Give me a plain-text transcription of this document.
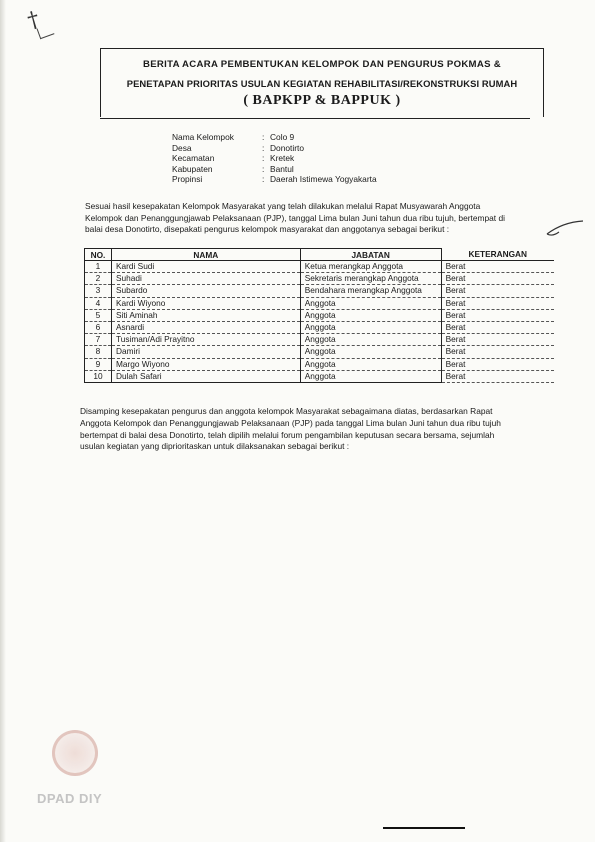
†
BERITA ACARA PEMBENTUKAN KELOMPOK DAN PENGURUS POKMAS &
PENETAPAN PRIORITAS USULAN KEGIATAN REHABILITASI/REKONSTRUKSI RUMAH
( BAPKPP & BAPPUK )
Nama Kelompok	: Colo 9
Desa	: Donotirto
Kecamatan	: Kretek
Kabupaten	: Bantul
Propinsi	: Daerah Istimewa Yogyakarta
Sesuai hasil kesepakatan Kelompok Masyarakat yang telah dilakukan melalui Rapat Musyawarah Anggota
Kelompok dan Penanggungjawab Pelaksanaan (PJP), tanggal Lima bulan Juni tahun dua ribu tujuh, bertempat di
balai desa Donotirto, disepakati pengurus kelompok masyarakat dan anggotanya sebagai berikut :
NO.	NAMA	JABATAN	KETERANGAN
1	Kardi Sudi	Ketua merangkap Anggota	Berat
2	Suhadi	Sekretaris merangkap Anggota	Berat
3	Subardo	Bendahara merangkap Anggota	Berat
4	Kardi Wiyono	Anggota	Berat
5	Siti Aminah	Anggota	Berat
6	Asnardi	Anggota	Berat
7	Tusiman/Adi Prayitno	Anggota	Berat
8	Damiri	Anggota	Berat
9	Margo Wiyono	Anggota	Berat
10	Dulah Safari	Anggota	Berat
Disamping kesepakatan pengurus dan anggota kelompok Masyarakat sebagaimana diatas, berdasarkan Rapat
Anggota Kelompok dan Penanggungjawab Pelaksanaan (PJP) pada tanggal Lima bulan Juni tahun dua ribu tujuh
bertempat di balai desa Donotirto, telah dipilih melalui forum pengambilan keputusan secara bersama, sejumlah
usulan kegiatan yang diprioritaskan untuk dilaksanakan sebagai berikut :
DPAD DIY
